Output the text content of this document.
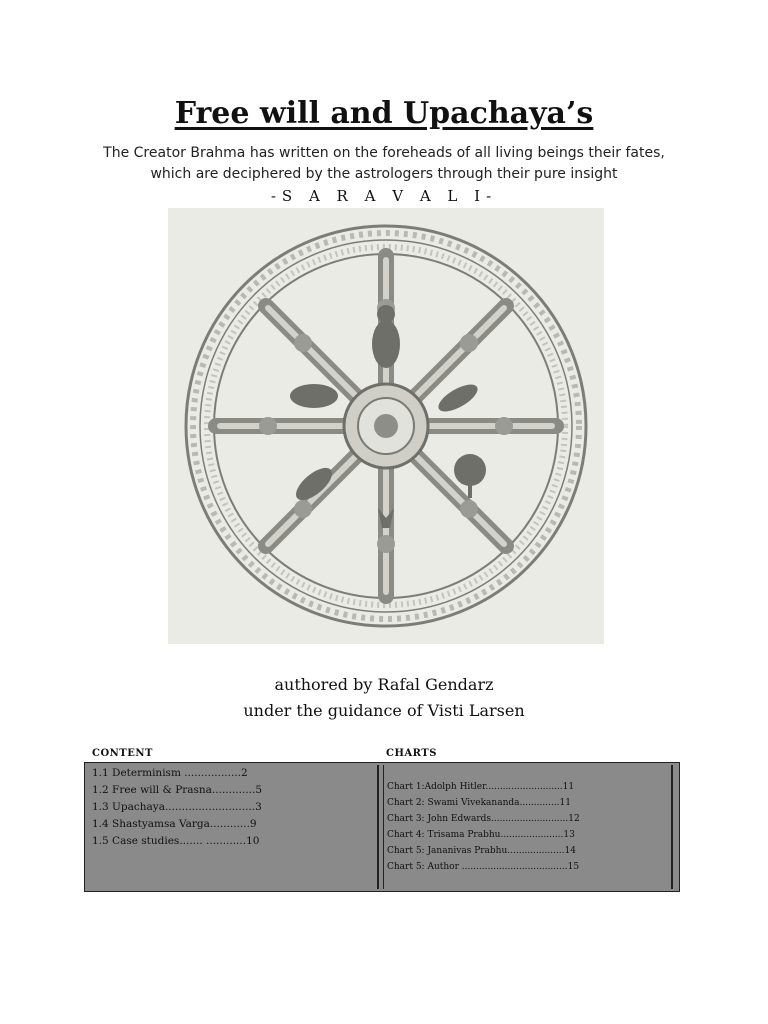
Free will and Upachaya’s
The Creator Brahma has written on the foreheads of all living beings their fates,
which are deciphered by the astrologers through their pure insight
-S A R A V A L I-
authored by Rafal Gendarz
under the guidance of Visti Larsen
CONTENT	CHARTS
1.1 Determinism .................2
1.2 Free will & Prasna.............5
1.3 Upachaya...........................3
1.4 Shastyamsa Varga............9
1.5 Case studies....... ............10
Chart 1:Adolph Hitler...........................11
Chart 2: Swami Vivekananda..............11
Chart 3: John Edwards...........................12
Chart 4: Trisama Prabhu......................13
Chart 5: Jananivas Prabhu....................14
Chart 5: Author .....................................15
